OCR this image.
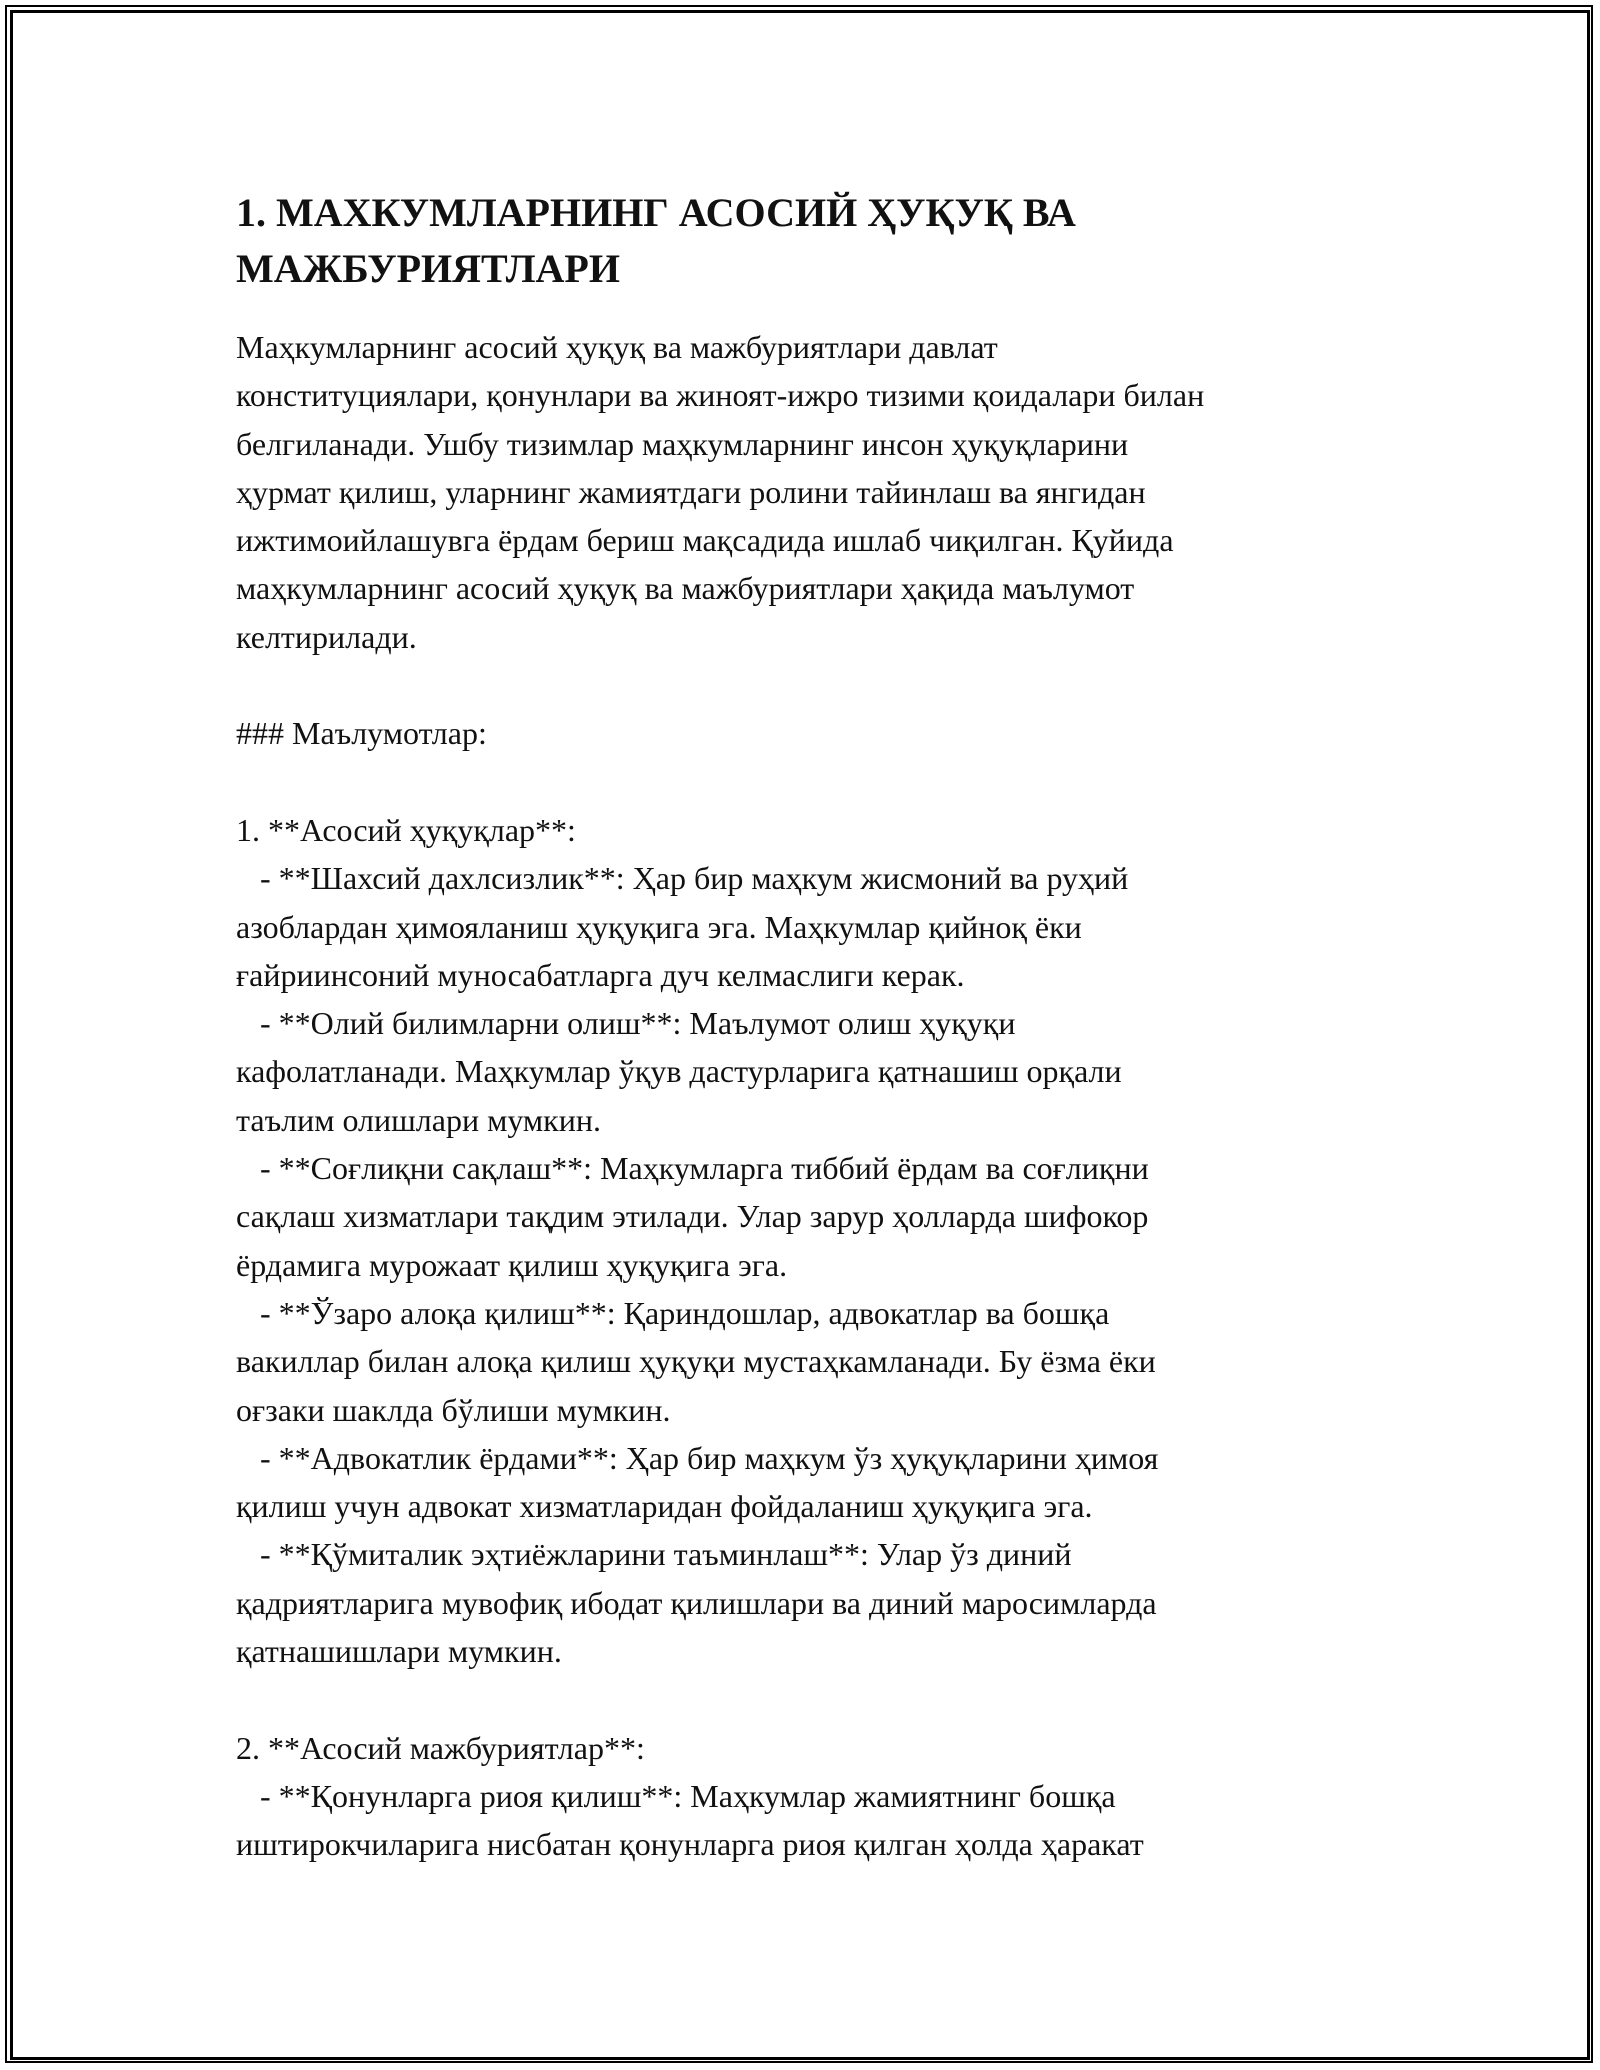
1. МАХКУМЛАРНИНГ АСОСИЙ ҲУҚУҚ ВА
МАЖБУРИЯТЛАРИ
Маҳкумларнинг асосий ҳуқуқ ва мажбуриятлари давлат
конституциялари, қонунлари ва жиноят-ижро тизими қоидалари билан
белгиланади. Ушбу тизимлар маҳкумларнинг инсон ҳуқуқларини
ҳурмат қилиш, уларнинг жамиятдаги ролини тайинлаш ва янгидан
ижтимоийлашувга ёрдам бериш мақсадида ишлаб чиқилган. Қуйида
маҳкумларнинг асосий ҳуқуқ ва мажбуриятлари ҳақида маълумот
келтирилади.

### Маълумотлар:

1. **Асосий ҳуқуқлар**:
- **Шахсий дахлсизлик**: Ҳар бир маҳкум жисмоний ва руҳий
азоблардан ҳимояланиш ҳуқуқига эга. Маҳкумлар қийноқ ёки
ғайриинсоний муносабатларга дуч келмаслиги керак.
- **Олий билимларни олиш**: Маълумот олиш ҳуқуқи
кафолатланади. Маҳкумлар ўқув дастурларига қатнашиш орқали
таълим олишлари мумкин.
- **Соғлиқни сақлаш**: Маҳкумларга тиббий ёрдам ва соғлиқни
сақлаш хизматлари тақдим этилади. Улар зарур ҳолларда шифокор
ёрдамига мурожаат қилиш ҳуқуқига эга.
- **Ўзаро алоқа қилиш**: Қариндошлар, адвокатлар ва бошқа
вакиллар билан алоқа қилиш ҳуқуқи мустаҳкамланади. Бу ёзма ёки
оғзаки шаклда бўлиши мумкин.
- **Адвокатлик ёрдами**: Ҳар бир маҳкум ўз ҳуқуқларини ҳимоя
қилиш учун адвокат хизматларидан фойдаланиш ҳуқуқига эга.
- **Қўмиталик эҳтиёжларини таъминлаш**: Улар ўз диний
қадриятларига мувофиқ ибодат қилишлари ва диний маросимларда
қатнашишлари мумкин.

2. **Асосий мажбуриятлар**:
- **Қонунларга риоя қилиш**: Маҳкумлар жамиятнинг бошқа
иштирокчиларига нисбатан қонунларга риоя қилган ҳолда ҳаракат
